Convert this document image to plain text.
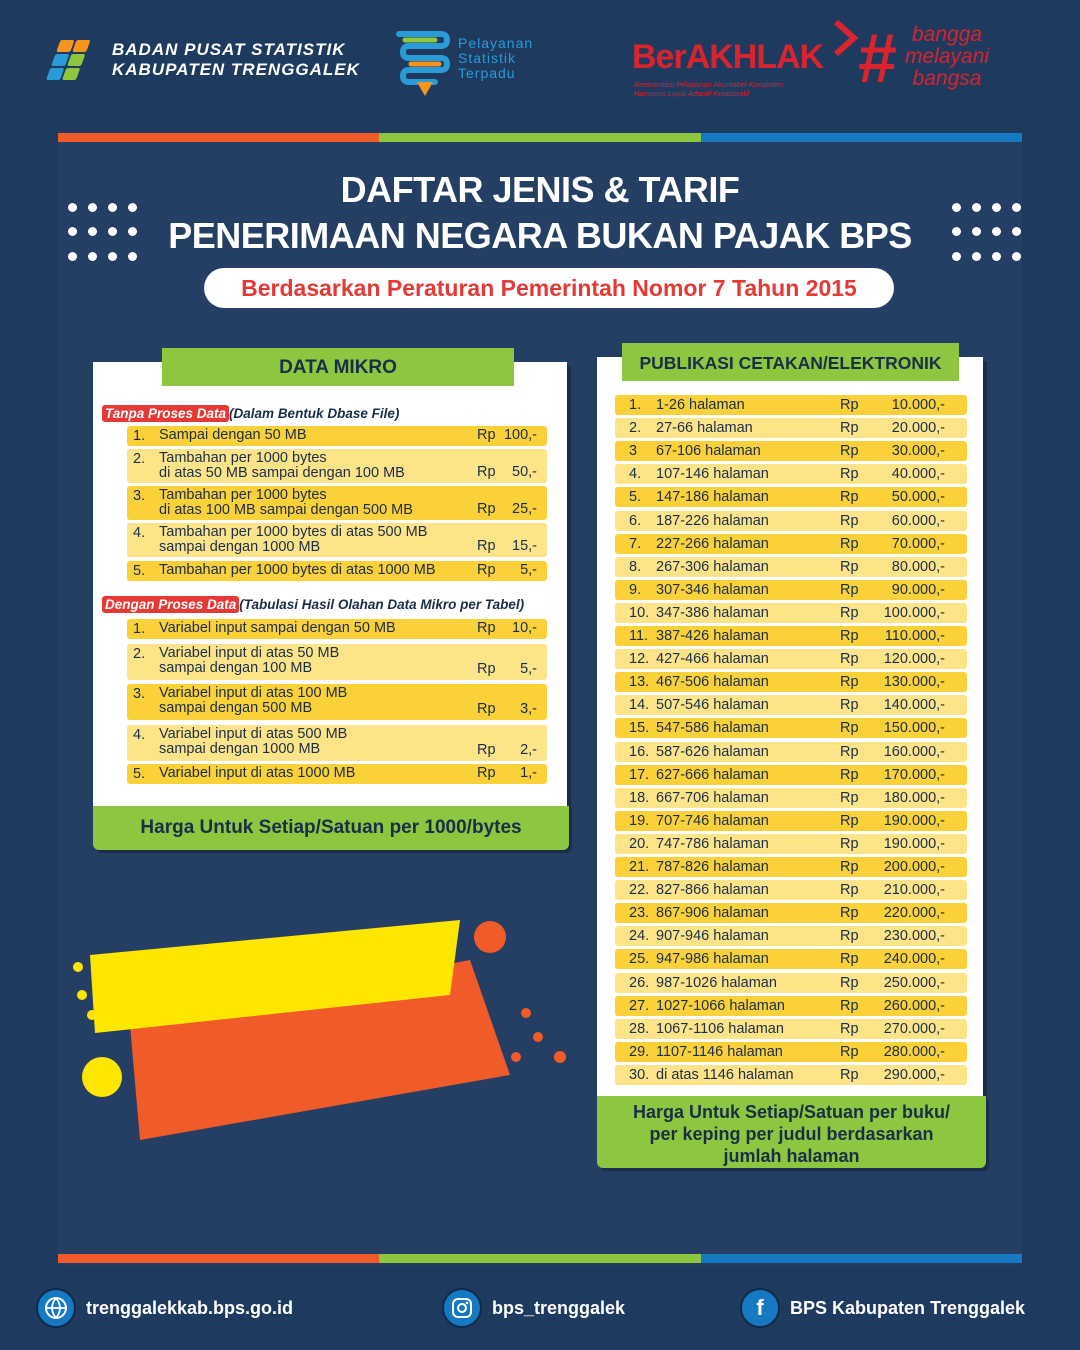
BADAN PUSAT STATISTIK
KABUPATEN TRENGGALEK
Pelayanan
Statistik
Terpadu	BerAKHLAK
Berorientasi Pelayanan Akuntabel Kompeten
Harmonis Loyal Adaptif Kolaboratif	# bangga
melayani
bangsa
DAFTAR JENIS & TARIF
PENERIMAAN NEGARA BUKAN PAJAK BPS
Berdasarkan Peraturan Pemerintah Nomor 7 Tahun 2015
DATA MIKRO
Tanpa Proses Data (Dalam Bentuk Dbase File)
1. Sampai dengan 50 MB	Rp 100,-
2. Tambahan per 1000 bytes
di atas 50 MB sampai dengan 100 MB	Rp 50,-
3. Tambahan per 1000 bytes
di atas 100 MB sampai dengan 500 MB	Rp 25,-
4. Tambahan per 1000 bytes di atas 500 MB
sampai dengan 1000 MB	Rp 15,-
5. Tambahan per 1000 bytes di atas 1000 MB	Rp 5,-
Dengan Proses Data (Tabulasi Hasil Olahan Data Mikro per Tabel)
1. Variabel input sampai dengan 50 MB	Rp 10,-
2. Variabel input di atas 50 MB
sampai dengan 100 MB	Rp 5,-
3. Variabel input di atas 100 MB
sampai dengan 500 MB	Rp 3,-
4. Variabel input di atas 500 MB
sampai dengan 1000 MB	Rp 2,-
5. Variabel input di atas 1000 MB	Rp 1,-
Harga Untuk Setiap/Satuan per 1000/bytes
PUBLIKASI CETAKAN/ELEKTRONIK
1. 1-26 halaman	Rp 10.000,-
2. 27-66 halaman	Rp 20.000,-
3 67-106 halaman	Rp 30.000,-
4. 107-146 halaman	Rp 40.000,-
5. 147-186 halaman	Rp 50.000,-
6. 187-226 halaman	Rp 60.000,-
7. 227-266 halaman	Rp 70.000,-
8. 267-306 halaman	Rp 80.000,-
9. 307-346 halaman	Rp 90.000,-
10. 347-386 halaman	Rp 100.000,-
11. 387-426 halaman	Rp 110.000,-
12. 427-466 halaman	Rp 120.000,-
13. 467-506 halaman	Rp 130.000,-
14. 507-546 halaman	Rp 140.000,-
15. 547-586 halaman	Rp 150.000,-
16. 587-626 halaman	Rp 160.000,-
17. 627-666 halaman	Rp 170.000,-
18. 667-706 halaman	Rp 180.000,-
19. 707-746 halaman	Rp 190.000,-
20. 747-786 halaman	Rp 190.000,-
21. 787-826 halaman	Rp 200.000,-
22. 827-866 halaman	Rp 210.000,-
23. 867-906 halaman	Rp 220.000,-
24. 907-946 halaman	Rp 230.000,-
25. 947-986 halaman	Rp 240.000,-
26. 987-1026 halaman	Rp 250.000,-
27. 1027-1066 halaman	Rp 260.000,-
28. 1067-1106 halaman	Rp 270.000,-
29. 1107-1146 halaman	Rp 280.000,-
30. di atas 1146 halaman	Rp 290.000,-
Harga Untuk Setiap/Satuan per buku/
per keping per judul berdasarkan
jumlah halaman
trenggalekkab.bps.go.id	bps_trenggalek	f	BPS Kabupaten Trenggalek
